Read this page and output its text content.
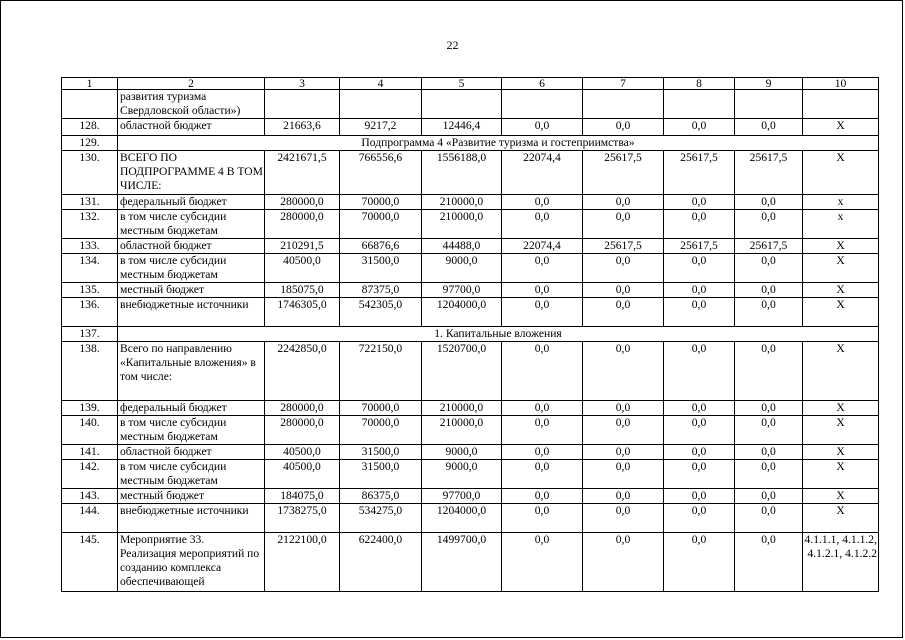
22
1	2	3	4	5	6	7	8	9	10
	развития туризма Свердловской области»)								
128.	областной бюджет	21663,6	9217,2	12446,4	0,0	0,0	0,0	0,0	X
129.	Подпрограмма 4 «Развитие туризма и гостеприимства»								
130.	ВСЕГО ПО ПОДПРОГРАММЕ 4 В ТОМ ЧИСЛЕ:	2421671,5	766556,6	1556188,0	22074,4	25617,5	25617,5	25617,5	X
131.	федеральный бюджет	280000,0	70000,0	210000,0	0,0	0,0	0,0	0,0	x
132.	в том числе субсидии местным бюджетам	280000,0	70000,0	210000,0	0,0	0,0	0,0	0,0	x
133.	областной бюджет	210291,5	66876,6	44488,0	22074,4	25617,5	25617,5	25617,5	X
134.	в том числе субсидии местным бюджетам	40500,0	31500,0	9000,0	0,0	0,0	0,0	0,0	X
135.	местный бюджет	185075,0	87375,0	97700,0	0,0	0,0	0,0	0,0	X
136.	внебюджетные источники	1746305,0	542305,0	1204000,0	0,0	0,0	0,0	0,0	X
137.	1. Капитальные вложения								
138.	Всего по направлению «Капитальные вложения» в том числе:	2242850,0	722150,0	1520700,0	0,0	0,0	0,0	0,0	X
139.	федеральный бюджет	280000,0	70000,0	210000,0	0,0	0,0	0,0	0,0	X
140.	в том числе субсидии местным бюджетам	280000,0	70000,0	210000,0	0,0	0,0	0,0	0,0	X
141.	областной бюджет	40500,0	31500,0	9000,0	0,0	0,0	0,0	0,0	X
142.	в том числе субсидии местным бюджетам	40500,0	31500,0	9000,0	0,0	0,0	0,0	0,0	X
143.	местный бюджет	184075,0	86375,0	97700,0	0,0	0,0	0,0	0,0	X
144.	внебюджетные источники	1738275,0	534275,0	1204000,0	0,0	0,0	0,0	0,0	X
145.	Мероприятие 33. Реализация мероприятий по созданию комплекса обеспечивающей	2122100,0	622400,0	1499700,0	0,0	0,0	0,0	0,0	4.1.1.1, 4.1.1.2, 4.1.2.1, 4.1.2.2
